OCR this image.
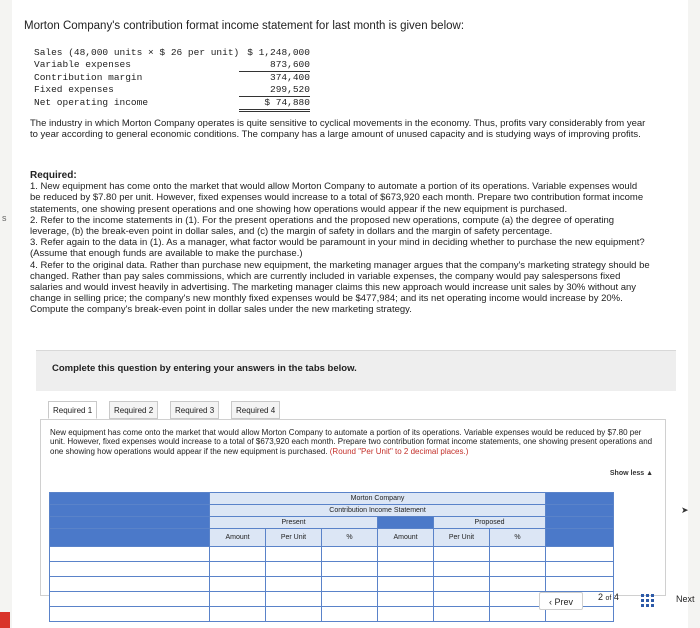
Morton Company's contribution format income statement for last month is given below:
Sales (48,000 units × $ 26 per unit)	$ 1,248,000
Variable expenses	873,600
Contribution margin	374,400
Fixed expenses	299,520
Net operating income	$ 74,880
The industry in which Morton Company operates is quite sensitive to cyclical movements in the economy. Thus, profits vary considerably from year to year according to general economic conditions. The company has a large amount of unused capacity and is studying ways of improving profits.
s
Required:
1. New equipment has come onto the market that would allow Morton Company to automate a portion of its operations. Variable expenses would be reduced by $7.80 per unit. However, fixed expenses would increase to a total of $673,920 each month. Prepare two contribution format income statements, one showing present operations and one showing how operations would appear if the new equipment is purchased.
2. Refer to the income statements in (1). For the present operations and the proposed new operations, compute (a) the degree of operating leverage, (b) the break-even point in dollar sales, and (c) the margin of safety in dollars and the margin of safety percentage.
3. Refer again to the data in (1). As a manager, what factor would be paramount in your mind in deciding whether to purchase the new equipment? (Assume that enough funds are available to make the purchase.)
4. Refer to the original data. Rather than purchase new equipment, the marketing manager argues that the company's marketing strategy should be changed. Rather than pay sales commissions, which are currently included in variable expenses, the company would pay salespersons fixed salaries and would invest heavily in advertising. The marketing manager claims this new approach would increase unit sales by 30% without any change in selling price; the company's new monthly fixed expenses would be $477,984; and its net operating income would increase by 20%. Compute the company's break-even point in dollar sales under the new marketing strategy.
Complete this question by entering your answers in the tabs below.
Required 1	Required 2	Required 3	Required 4
New equipment has come onto the market that would allow Morton Company to automate a portion of its operations. Variable expenses would be reduced by $7.80 per unit. However, fixed expenses would increase to a total of $673,920 each month. Prepare two contribution format income statements, one showing present operations and one showing how operations would appear if the new equipment is purchased. (Round "Per Unit" to 2 decimal places.)
Show less ▲
	Morton Company						
	Contribution Income Statement						
	Present				Proposed		
	Amount	Per Unit	%	Amount	Per Unit	%	

➤
‹ Prev	2 of 4	Next
